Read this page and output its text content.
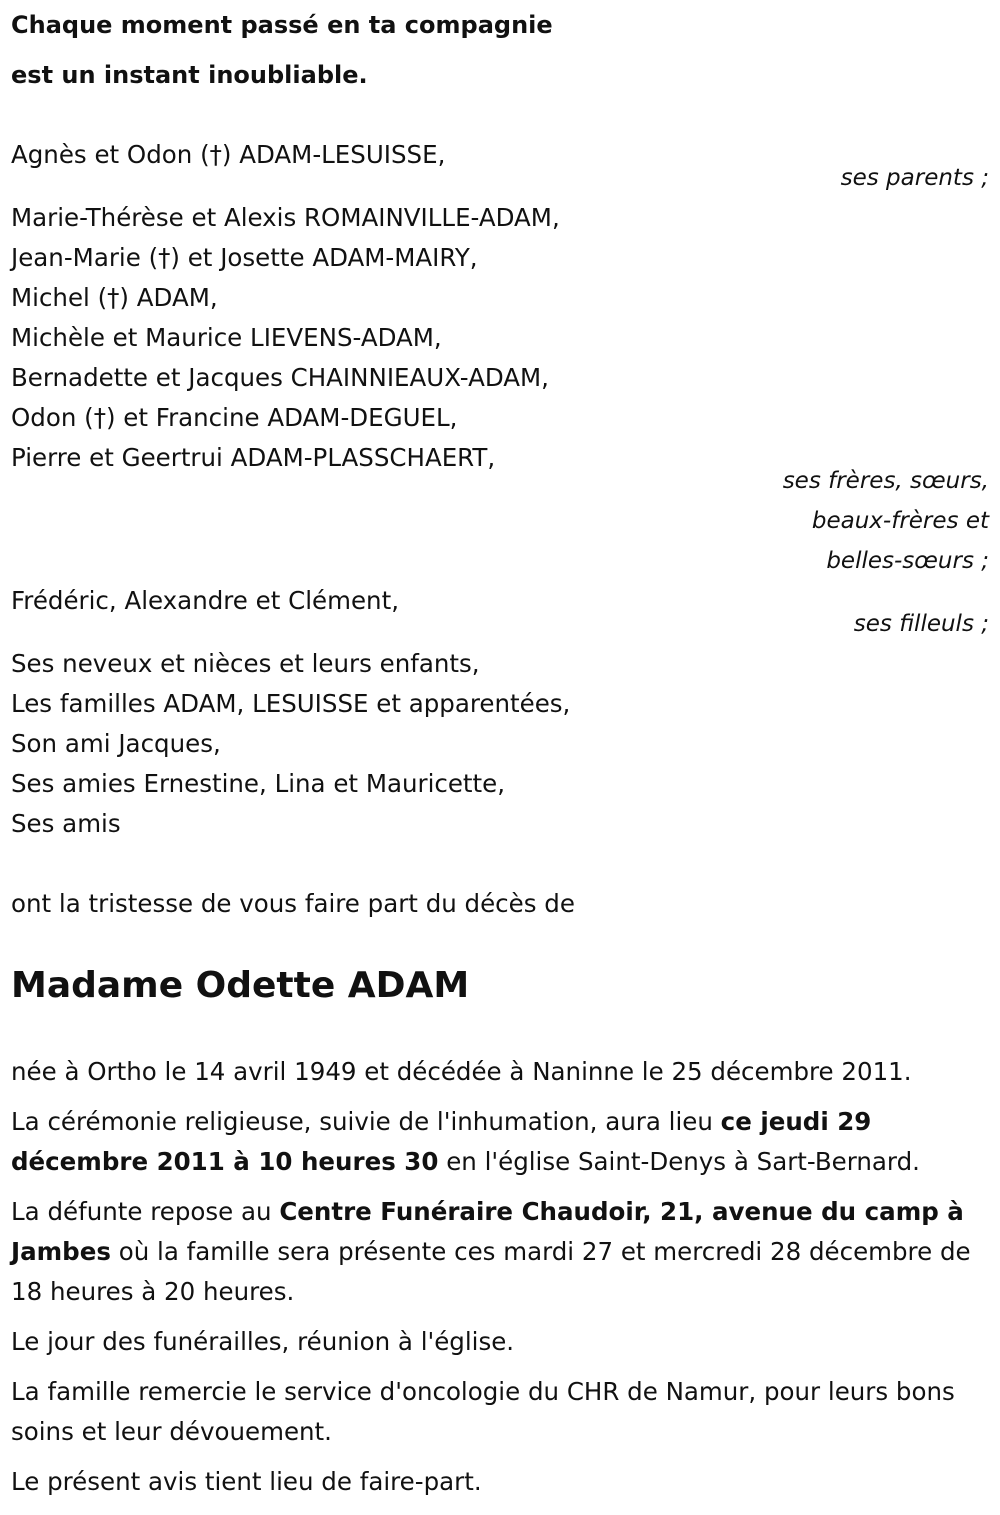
Chaque moment passé en ta compagnie
est un instant inoubliable.
Agnès et Odon (†) ADAM-LESUISSE,
ses parents ;
Marie-Thérèse et Alexis ROMAINVILLE-ADAM,
Jean-Marie (†) et Josette ADAM-MAIRY,
Michel (†) ADAM,
Michèle et Maurice LIEVENS-ADAM,
Bernadette et Jacques CHAINNIEAUX-ADAM,
Odon (†) et Francine ADAM-DEGUEL,
Pierre et Geertrui ADAM-PLASSCHAERT,
ses frères, sœurs,
beaux-frères et
belles-sœurs ;
Frédéric, Alexandre et Clément,
ses filleuls ;
Ses neveux et nièces et leurs enfants,
Les familles ADAM, LESUISSE et apparentées,
Son ami Jacques,
Ses amies Ernestine, Lina et Mauricette,
Ses amis
ont la tristesse de vous faire part du décès de
Madame Odette ADAM

née à Ortho le 14 avril 1949 et décédée à Naninne le 25 décembre 2011.

La cérémonie religieuse, suivie de l'inhumation, aura lieu ce jeudi 29 décembre 2011 à 10 heures 30 en l'église Saint-Denys à Sart-Bernard.

La défunte repose au Centre Funéraire Chaudoir, 21, avenue du camp à Jambes où la famille sera présente ces mardi 27 et mercredi 28 décembre de 18 heures à 20 heures.

Le jour des funérailles, réunion à l'église.

La famille remercie le service d'oncologie du CHR de Namur, pour leurs bons soins et leur dévouement.

Le présent avis tient lieu de faire-part.
